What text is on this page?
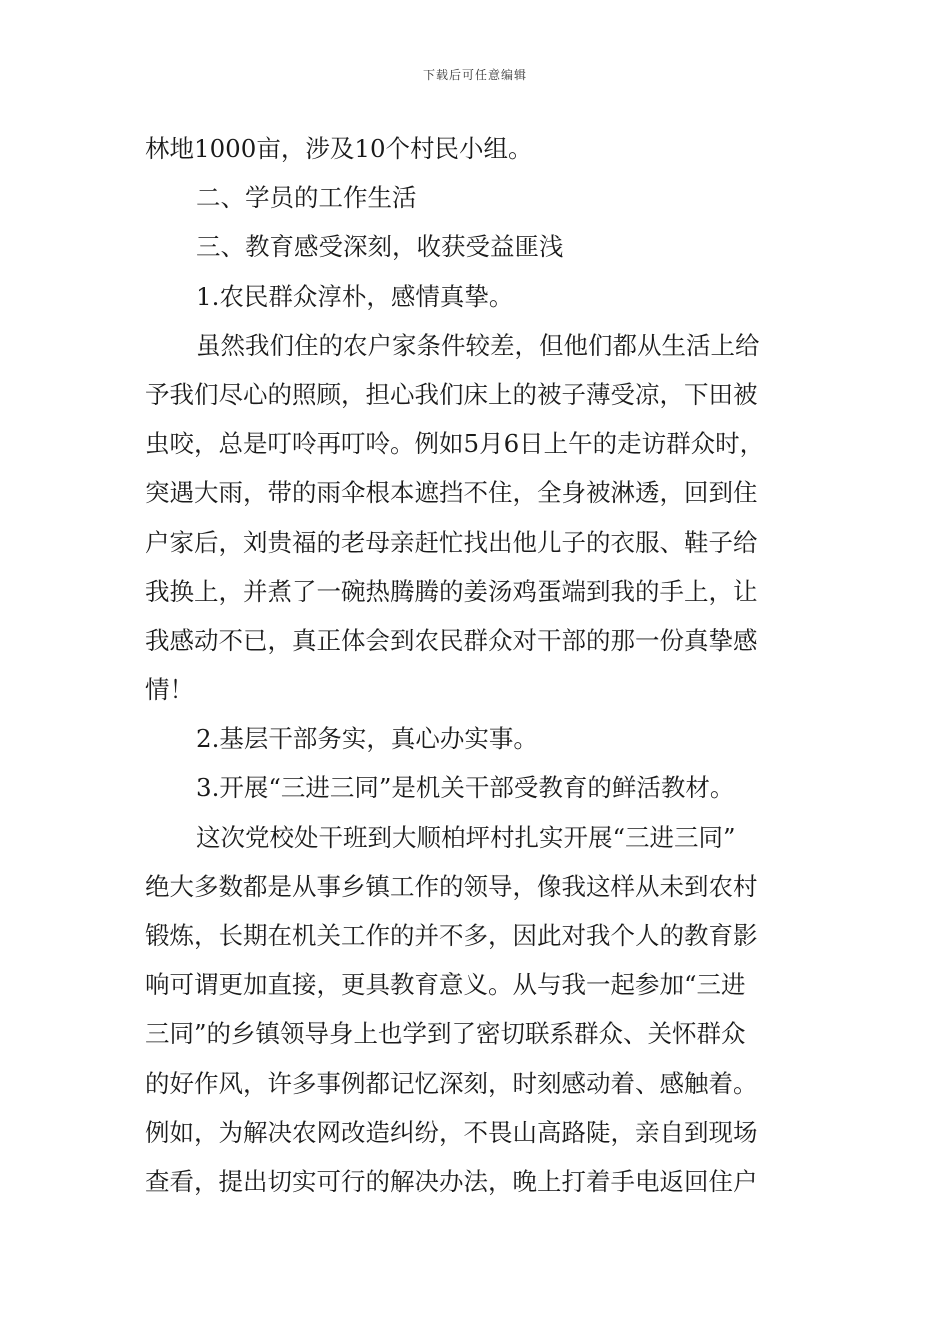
下载后可任意编辑
林地1000亩，涉及10个村民小组。
二、学员的工作生活
三、教育感受深刻，收获受益匪浅
1.农民群众淳朴，感情真挚。
虽然我们住的农户家条件较差，但他们都从生活上给
予我们尽心的照顾，担心我们床上的被子薄受凉，下田被
虫咬，总是叮呤再叮呤。例如5月6日上午的走访群众时，
突遇大雨，带的雨伞根本遮挡不住，全身被淋透，回到住
户家后，刘贵福的老母亲赶忙找出他儿子的衣服、鞋子给
我换上，并煮了一碗热腾腾的姜汤鸡蛋端到我的手上，让
我感动不已，真正体会到农民群众对干部的那一份真挚感
情！
2.基层干部务实，真心办实事。
3.开展“三进三同”是机关干部受教育的鲜活教材。
这次党校处干班到大顺柏坪村扎实开展“三进三同”
绝大多数都是从事乡镇工作的领导，像我这样从未到农村
锻炼，长期在机关工作的并不多，因此对我个人的教育影
响可谓更加直接，更具教育意义。从与我一起参加“三进
三同”的乡镇领导身上也学到了密切联系群众、关怀群众
的好作风，许多事例都记忆深刻，时刻感动着、感触着。
例如，为解决农网改造纠纷，不畏山高路陡，亲自到现场
查看，提出切实可行的解决办法，晚上打着手电返回住户
